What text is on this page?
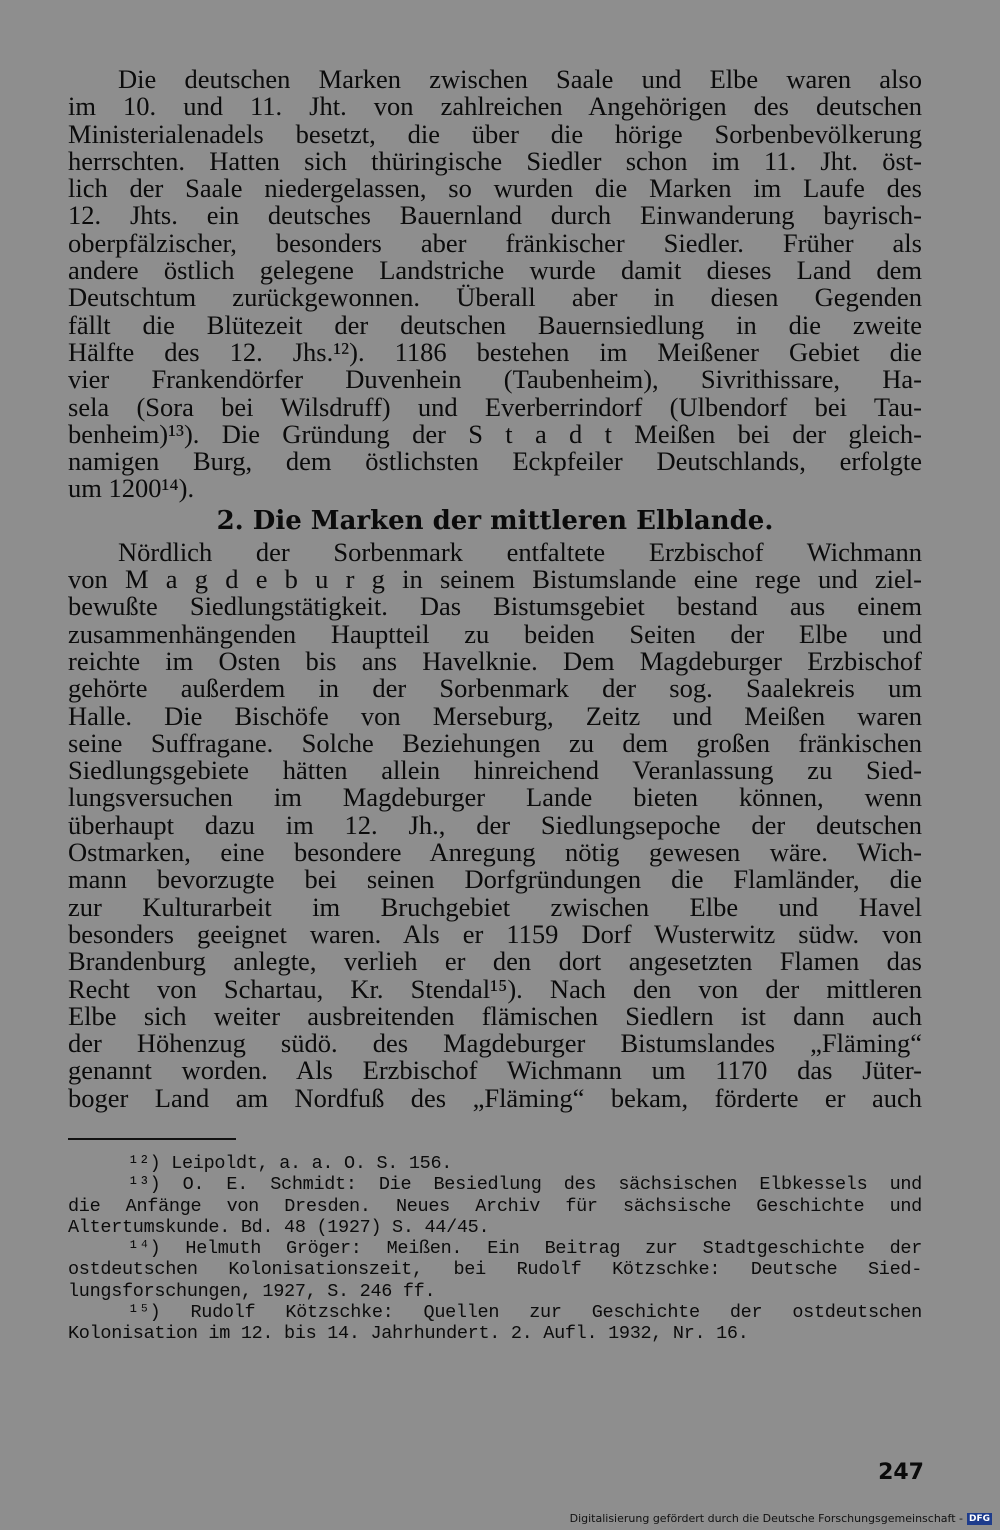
Die deutschen Marken zwischen Saale und Elbe waren also
im 10. und 11. Jht. von zahlreichen Angehörigen des deutschen
Ministerialenadels besetzt, die über die hörige Sorbenbevölkerung
herrschten. Hatten sich thüringische Siedler schon im 11. Jht. öst-
lich der Saale niedergelassen, so wurden die Marken im Laufe des
12. Jhts. ein deutsches Bauernland durch Einwanderung bayrisch-
oberpfälzischer, besonders aber fränkischer Siedler. Früher als
andere östlich gelegene Landstriche wurde damit dieses Land dem
Deutschtum zurückgewonnen. Überall aber in diesen Gegenden
fällt die Blütezeit der deutschen Bauernsiedlung in die zweite
Hälfte des 12. Jhs.¹²). 1186 bestehen im Meißener Gebiet die
vier Frankendörfer Duvenhein (Taubenheim), Sivrithissare, Ha-
sela (Sora bei Wilsdruff) und Everberrindorf (Ulbendorf bei Tau-
benheim)¹³). Die Gründung der S t a d t Meißen bei der gleich-
namigen Burg, dem östlichsten Eckpfeiler Deutschlands, erfolgte
um 1200¹⁴).
2. Die Marken der mittleren Elblande.
Nördlich der Sorbenmark entfaltete Erzbischof Wichmann
von M a g d e b u r g in seinem Bistumslande eine rege und ziel-
bewußte Siedlungstätigkeit. Das Bistumsgebiet bestand aus einem
zusammenhängenden Hauptteil zu beiden Seiten der Elbe und
reichte im Osten bis ans Havelknie. Dem Magdeburger Erzbischof
gehörte außerdem in der Sorbenmark der sog. Saalekreis um
Halle. Die Bischöfe von Merseburg, Zeitz und Meißen waren
seine Suffragane. Solche Beziehungen zu dem großen fränkischen
Siedlungsgebiete hätten allein hinreichend Veranlassung zu Sied-
lungsversuchen im Magdeburger Lande bieten können, wenn
überhaupt dazu im 12. Jh., der Siedlungsepoche der deutschen
Ostmarken, eine besondere Anregung nötig gewesen wäre. Wich-
mann bevorzugte bei seinen Dorfgründungen die Flamländer, die
zur Kulturarbeit im Bruchgebiet zwischen Elbe und Havel
besonders geeignet waren. Als er 1159 Dorf Wusterwitz südw. von
Brandenburg anlegte, verlieh er den dort angesetzten Flamen das
Recht von Schartau, Kr. Stendal¹⁵). Nach den von der mittleren
Elbe sich weiter ausbreitenden flämischen Siedlern ist dann auch
der Höhenzug südö. des Magdeburger Bistumslandes „Fläming“
genannt worden. Als Erzbischof Wichmann um 1170 das Jüter-
boger Land am Nordfuß des „Fläming“ bekam, förderte er auch
¹²) Leipoldt, a. a. O. S. 156.
¹³) O. E. Schmidt: Die Besiedlung des sächsischen Elbkessels und
die Anfänge von Dresden. Neues Archiv für sächsische Geschichte und
Altertumskunde. Bd. 48 (1927) S. 44/45.
¹⁴) Helmuth Gröger: Meißen. Ein Beitrag zur Stadtgeschichte der
ostdeutschen Kolonisationszeit, bei Rudolf Kötzschke: Deutsche Sied-
lungsforschungen, 1927, S. 246 ff.
¹⁵) Rudolf Kötzschke: Quellen zur Geschichte der ostdeutschen
Kolonisation im 12. bis 14. Jahrhundert. 2. Aufl. 1932, Nr. 16.
247
Digitalisierung gefördert durch die Deutsche Forschungsgemeinschaft - DFG
